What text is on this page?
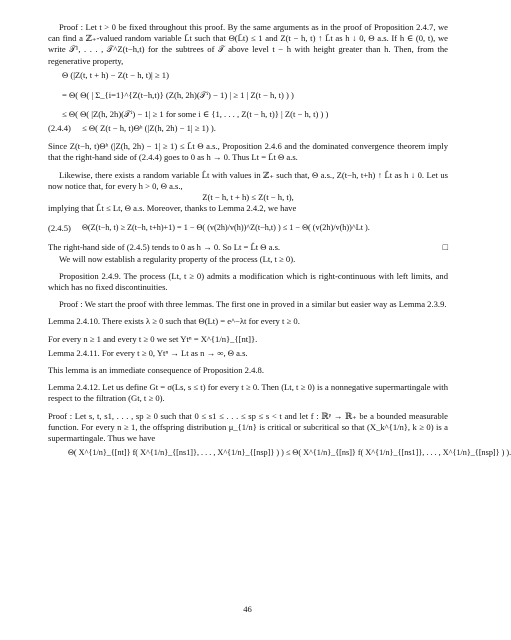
Proof : Let t > 0 be fixed throughout this proof. By the same arguments as in the proof of Proposition 2.4.7, we can find a ℤ₊-valued random variable L̄t such that Θ(L̄t) ≤ 1 and Z(t − h, t) ↑ L̄t as h ↓ 0, Θ a.s. If h ∈ (0, t), we write 𝒯¹, . . . , 𝒯^Z(t−h,t) for the subtrees of 𝒯 above level t − h with height greater than h. Then, from the regenerative property,

Θ (|Z(t, t + h) − Z(t − h, t)| ≥ 1)
= Θ( Θ( | Σ_{i=1}^{Z(t−h,t)} (Z(h, 2h)(𝒯ⁱ) − 1) | ≥ 1 | Z(t − h, t) ) )
≤ Θ( Θ( |Z(h, 2h)(𝒯ⁱ) − 1| ≥ 1 for some i ∈ {1, . . . , Z(t − h, t)} | Z(t − h, t) ) )
(2.4.4) ≤ Θ( Z(t − h, t)Θʰ (|Z(h, 2h) − 1| ≥ 1) ).

Since Z(t−h, t)Θʰ (|Z(h, 2h) − 1| ≥ 1) ≤ L̄t Θ a.s., Proposition 2.4.6 and the dominated convergence theorem imply that the right-hand side of (2.4.4) goes to 0 as h → 0. Thus Lt = L̄t Θ a.s.

Likewise, there exists a random variable L̂t with values in ℤ₊ such that, Θ a.s., Z(t−h, t+h) ↑ L̂t as h ↓ 0. Let us now notice that, for every h > 0, Θ a.s.,

Z(t − h, t + h) ≤ Z(t − h, t),

implying that L̂t ≤ Lt, Θ a.s. Moreover, thanks to Lemma 2.4.2, we have

(2.4.5) Θ(Z(t−h, t) ≥ Z(t−h, t+h)+1) = 1 − Θ( (v(2h)/v(h))^Z(t−h,t) ) ≤ 1 − Θ( (v(2h)/v(h))^Lt ).

The right-hand side of (2.4.5) tends to 0 as h → 0. So Lt = L̂t Θ a.s.	□

We will now establish a regularity property of the process (Lt, t ≥ 0).

Proposition 2.4.9. The process (Lt, t ≥ 0) admits a modification which is right-continuous with left limits, and which has no fixed discontinuities.

Proof : We start the proof with three lemmas. The first one in proved in a similar but easier way as Lemma 2.3.9.

Lemma 2.4.10. There exists λ ≥ 0 such that Θ(Lt) = e^−λt for every t ≥ 0.

For every n ≥ 1 and every t ≥ 0 we set Ytⁿ = X^{1/n}_{[nt]}.

Lemma 2.4.11. For every t ≥ 0, Ytⁿ → Lt as n → ∞, Θ a.s.

This lemma is an immediate consequence of Proposition 2.4.8.

Lemma 2.4.12. Let us define Gt = σ(Ls, s ≤ t) for every t ≥ 0. Then (Lt, t ≥ 0) is a nonnegative supermartingale with respect to the filtration (Gt, t ≥ 0).

Proof : Let s, t, s1, . . . , sp ≥ 0 such that 0 ≤ s1 ≤ . . . ≤ sp ≤ s < t and let f : ℝᵖ → ℝ₊ be a bounded measurable function. For every n ≥ 1, the offspring distribution μ_{1/n} is critical or subcritical so that (X_k^{1/n}, k ≥ 0) is a supermartingale. Thus we have

Θ( X^{1/n}_{[nt]} f( X^{1/n}_{[ns1]}, . . . , X^{1/n}_{[nsp]} ) ) ≤ Θ( X^{1/n}_{[ns]} f( X^{1/n}_{[ns1]}, . . . , X^{1/n}_{[nsp]} ) ).
46
